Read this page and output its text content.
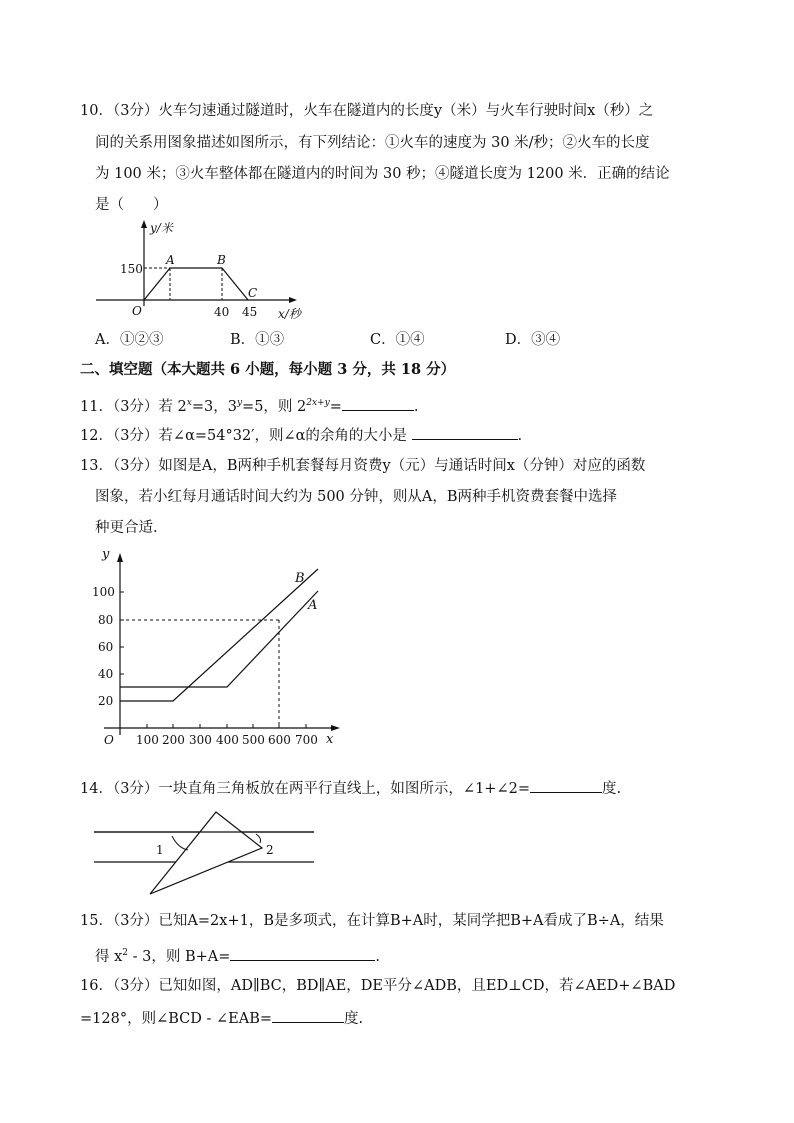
10．（3分）火车匀速通过隧道时，火车在隧道内的长度y（米）与火车行驶时间x（秒）之
间的关系用图象描述如图所示，有下列结论：①火车的速度为 30 米/秒；②火车的长度
为 100 米；③火车整体都在隧道内的时间为 30 秒；④隧道长度为 1200 米．正确的结论
是（　　）
y/米
150
A	B
C
O	40 45 x/秒
A．①②③	B．①③	C．①④	D．③④
二、填空题（本大题共 6 小题，每小题 3 分，共 18 分）
11．（3分）若 $2^x=3$，$3^y=5$，则 $2^{2x+y}=$	.
12．（3分）若∠α=54°32′，则∠α的余角的大小是	.
13．（3分）如图是A，B两种手机套餐每月资费y（元）与通话时间x（分钟）对应的函数
图象，若小红每月通话时间大约为 500 分钟，则从A，B两种手机资费套餐中选择
种更合适.
y
100
80
60
40
20
O 100 200 300 400 500 600 700 x
B
A
14．（3分）一块直角三角板放在两平行直线上，如图所示，∠1+∠2=	度.
1	2
15．（3分）已知A=2x+1，B是多项式，在计算B+A时，某同学把B+A看成了B÷A，结果
得 $x^2 - 3$，则 B+A=	.
16．（3分）已知如图，AD∥BC，BD∥AE，DE平分∠ADB，且ED⊥CD，若∠AED+∠BAD
=128°，则∠BCD - ∠EAB=	度.
